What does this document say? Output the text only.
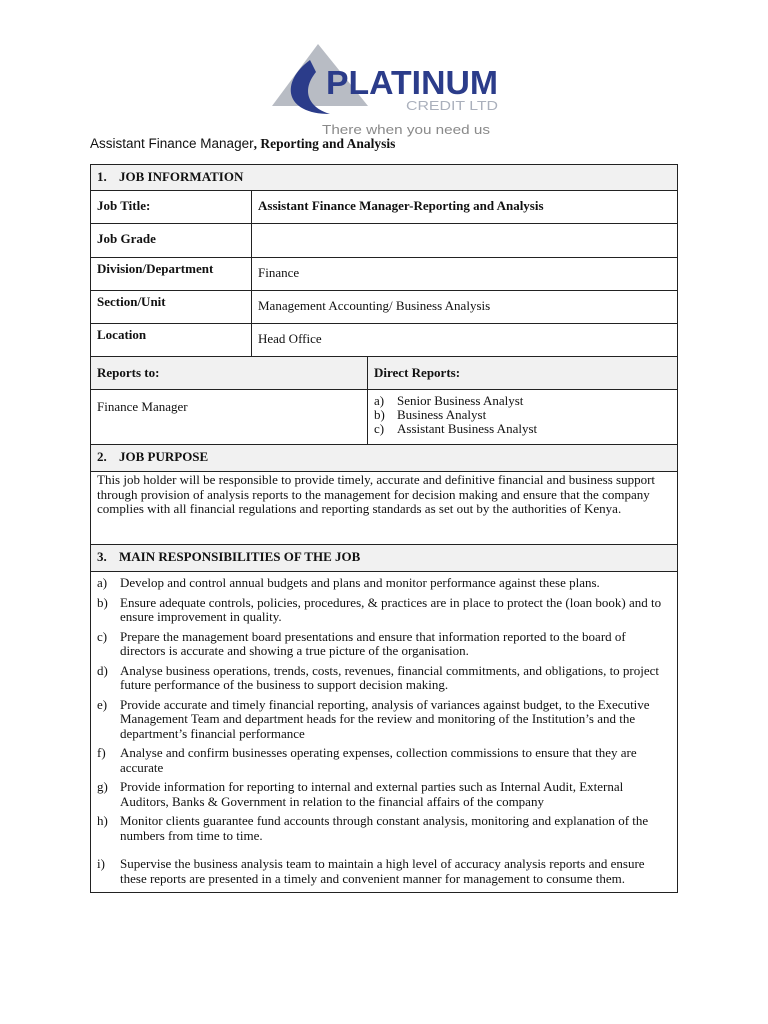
PLATINUM
CREDIT LTD
There when you need us
Assistant Finance Manager, Reporting and Analysis
1. JOB INFORMATION
Job Title:	Assistant Finance Manager-Reporting and Analysis
Job Grade
Division/Department	Finance
Section/Unit	Management Accounting/ Business Analysis
Location	Head Office
Reports to:	Direct Reports:
Finance Manager	a) Senior Business Analyst
b) Business Analyst
c) Assistant Business Analyst
2. JOB PURPOSE
This job holder will be responsible to provide timely, accurate and definitive financial and business support through provision of analysis reports to the management for decision making and ensure that the company complies with all financial regulations and reporting standards as set out by the authorities of Kenya.
3. MAIN RESPONSIBILITIES OF THE JOB
a) Develop and control annual budgets and plans and monitor performance against these plans.
b) Ensure adequate controls, policies, procedures, & practices are in place to protect the (loan book) and to ensure improvement in quality.
c) Prepare the management board presentations and ensure that information reported to the board of directors is accurate and showing a true picture of the organisation.
d) Analyse business operations, trends, costs, revenues, financial commitments, and obligations, to project future performance of the business to support decision making.
e) Provide accurate and timely financial reporting, analysis of variances against budget, to the Executive Management Team and department heads for the review and monitoring of the Institution’s and the department’s financial performance
f)	Analyse and confirm businesses operating expenses, collection commissions to ensure that they are accurate
g) Provide information for reporting to internal and external parties such as Internal Audit, External Auditors, Banks & Government in relation to the financial affairs of the company
h) Monitor clients guarantee fund accounts through constant analysis, monitoring and explanation of the numbers from time to time.
i)	Supervise the business analysis team to maintain a high level of accuracy analysis reports and ensure these reports are presented in a timely and convenient manner for management to consume them.
